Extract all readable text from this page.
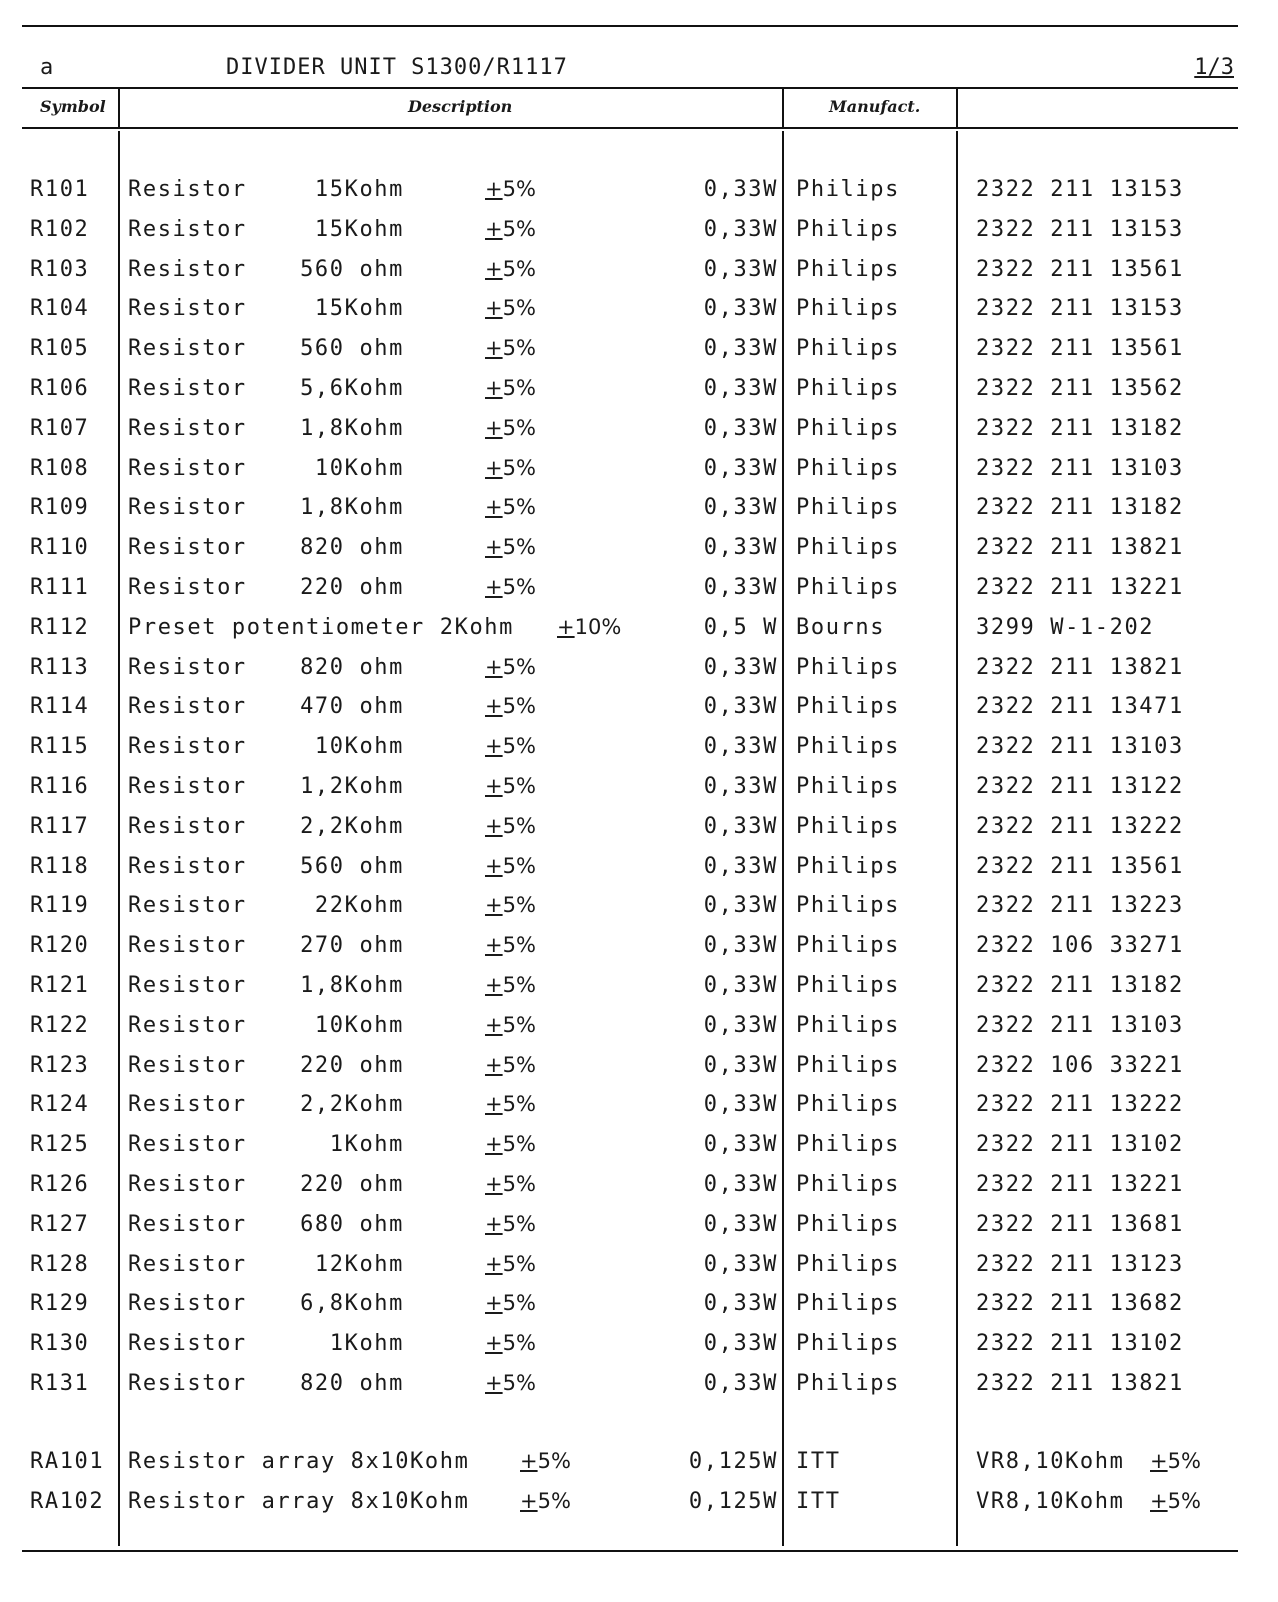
a	DIVIDER UNIT S1300/R1117	1/3
Symbol	Description	Manufact.
R101 Resistor	15Kohm	+5%	0,33W Philips	2322 211 13153
R102 Resistor	15Kohm	+5%	0,33W Philips	2322 211 13153
R103 Resistor	560 ohm	+5%	0,33W Philips	2322 211 13561
R104 Resistor	15Kohm	+5%	0,33W Philips	2322 211 13153
R105 Resistor	560 ohm	+5%	0,33W Philips	2322 211 13561
R106 Resistor	5,6Kohm	+5%	0,33W Philips	2322 211 13562
R107 Resistor	1,8Kohm	+5%	0,33W Philips	2322 211 13182
R108 Resistor	10Kohm	+5%	0,33W Philips	2322 211 13103
R109 Resistor	1,8Kohm	+5%	0,33W Philips	2322 211 13182
R110 Resistor	820 ohm	+5%	0,33W Philips	2322 211 13821
R111 Resistor	220 ohm	+5%	0,33W Philips	2322 211 13221
R112 Preset potentiometer 2Kohm +10%	0,5 W Bourns	3299 W-1-202
R113 Resistor	820 ohm	+5%	0,33W Philips	2322 211 13821
R114 Resistor	470 ohm	+5%	0,33W Philips	2322 211 13471
R115 Resistor	10Kohm	+5%	0,33W Philips	2322 211 13103
R116 Resistor	1,2Kohm	+5%	0,33W Philips	2322 211 13122
R117 Resistor	2,2Kohm	+5%	0,33W Philips	2322 211 13222
R118 Resistor	560 ohm	+5%	0,33W Philips	2322 211 13561
R119 Resistor	22Kohm	+5%	0,33W Philips	2322 211 13223
R120 Resistor	270 ohm	+5%	0,33W Philips	2322 106 33271
R121 Resistor	1,8Kohm	+5%	0,33W Philips	2322 211 13182
R122 Resistor	10Kohm	+5%	0,33W Philips	2322 211 13103
R123 Resistor	220 ohm	+5%	0,33W Philips	2322 106 33221
R124 Resistor	2,2Kohm	+5%	0,33W Philips	2322 211 13222
R125 Resistor	1Kohm	+5%	0,33W Philips	2322 211 13102
R126 Resistor	220 ohm	+5%	0,33W Philips	2322 211 13221
R127 Resistor	680 ohm	+5%	0,33W Philips	2322 211 13681
R128 Resistor	12Kohm	+5%	0,33W Philips	2322 211 13123
R129 Resistor	6,8Kohm	+5%	0,33W Philips	2322 211 13682
R130 Resistor	1Kohm	+5%	0,33W Philips	2322 211 13102
R131 Resistor	820 ohm	+5%	0,33W Philips	2322 211 13821
RA101 Resistor array 8x10Kohm +5%	0,125W ITT	VR8,10Kohm +5%
RA102 Resistor array 8x10Kohm +5%	0,125W ITT	VR8,10Kohm +5%
